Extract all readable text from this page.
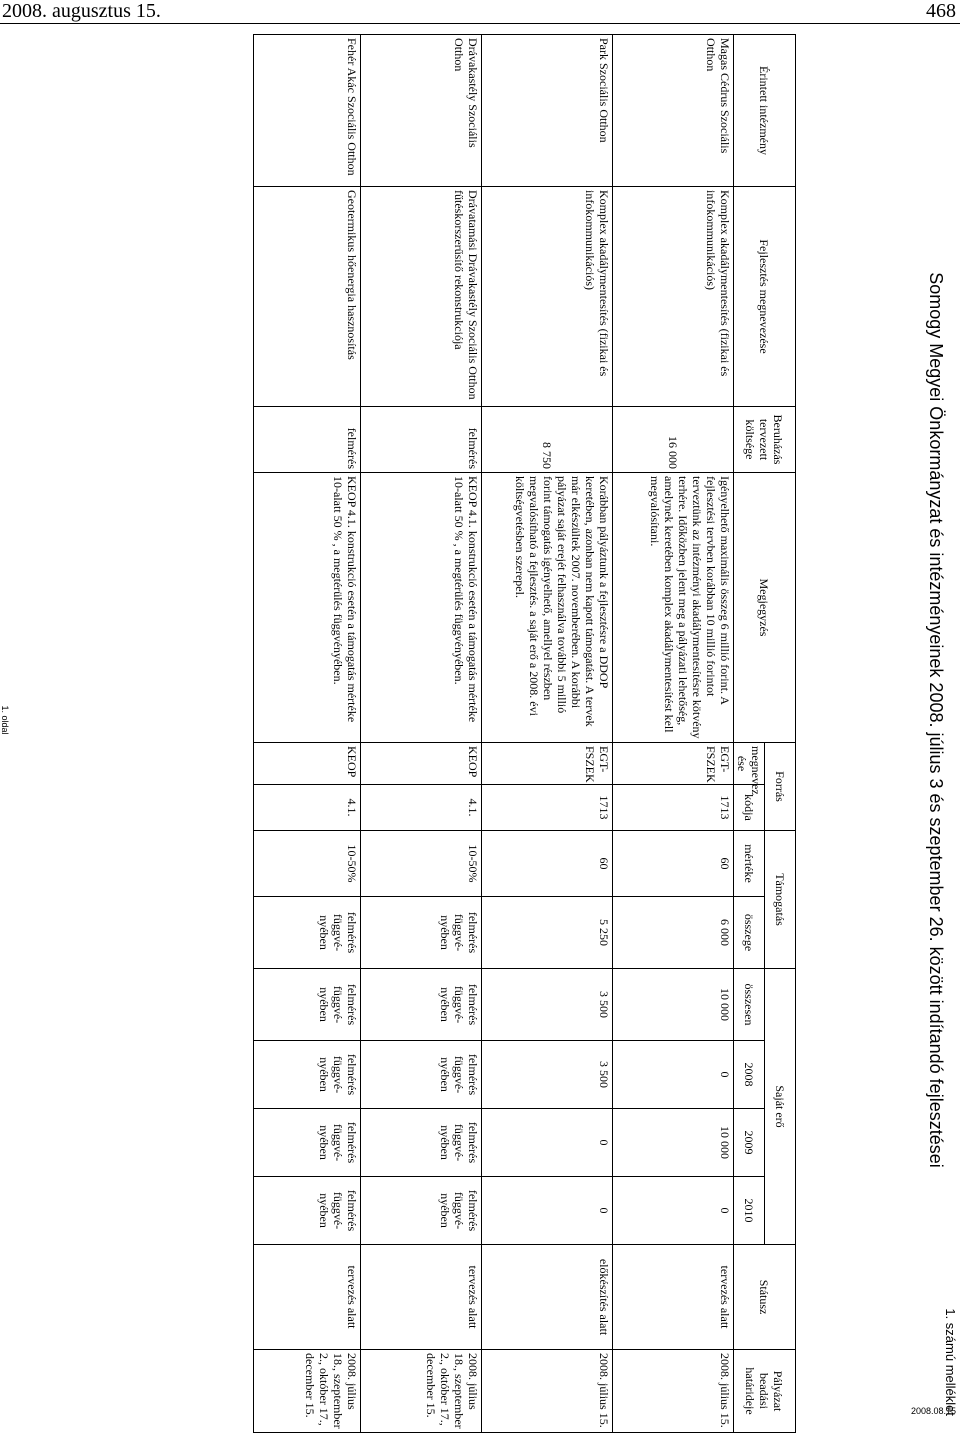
2008. augusztus 15.	468
1. számú melléklet
Somogy Megyei Önkormányzat és intézményeinek 2008. július 3 és szeptember 26. között indítandó fejlesztései
Érintett intézmény	Fejlesztés megnevezése	Beruházás tervezett költsége	Megjegyzés	Forrás		Támogatás		Saját erő				Státusz	Pályázat beadási határideje
				megnevez ése	kódja	mértéke	összege	összesen	2008	2009	2010		
Magas Cédrus Szociális Otthon	Komplex akadálymentesítés (fizikai és infokommunikációs)	16 000	Igényelhető maximális összeg 6 millió forint. A fejlesztési tervben korábban 10 millió forintot terveztünk az intézményi akadálymentesítésre kötvény terhére. Időközben jelent meg a pályázati lehetőség, amelynek keretében komplex akadálymentesítést kell megvalósítani.	EGT-FSZEK	1713	60	6 000	10 000	0	10 000	0	tervezés alatt	2008. július 15.
Park Szociális Otthon	Komplex akadálymentesítés (fizikai és infokommunikációs)	8 750	Korábban pályáztunk a fejlesztésre a DDOP keretében, azonban nem kapott támogatást. A tervek már elkészültek 2007. novemberében. A korábbi pályázat saját erejét felhasználva további 5 millió forint támogatás igényelhető, amellyel részben megvalósítható a fejlesztés. a saját erő a 2008. évi költségvetésben szerepel.	EGT-FSZEK	1713	60	5 250	3 500	3 500	0	0	előkészítés alatt	2008. július 15.
Drávakastély Szociális Otthon	Drávatamási Drávakastély Szociális Otthon fűtéskorszerűsítő rekonstrukciója	felmérés	KEOP 4.1. konstrukció esetén a támogatás mértéke 10-alatt 50 % , a megtérülés függvényében.	KEOP	4.1.	10-50%	felmérés függvé-nyében	felmérés függvé-nyében	felmérés függvé-nyében	felmérés függvé-nyében	felmérés függvé-nyében	tervezés alatt	2008. július 18., szeptember 2., október 17., december 15.
Fehér Akác Szociális Otthon	Geotermikus hőenergia hasznosítás	felmérés	KEOP 4.1. konstrukció esetén a támogatás mértéke 10-alatt 50 % , a megtérülés függvényében.	KEOP	4.1.	10-50%	felmérés függvé-nyében	felmérés függvé-nyében	felmérés függvé-nyében	felmérés függvé-nyében	felmérés függvé-nyében	tervezés alatt	2008. július 18., szeptember 2., október 17., december 15.
1. oldal
2008.08.15
